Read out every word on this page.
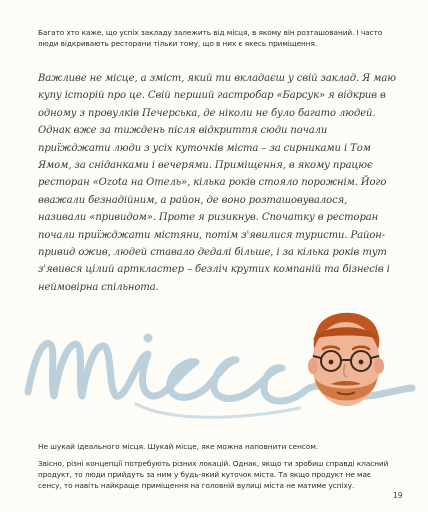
Багато хто каже, що успіх закладу залежить від місця, в якому він розташований. І часто люди відкривають ресторани тільки тому, що в них є якесь приміщення.

Важливе не місце, а зміст, який ти вкладаєш у свій заклад. Я маю купу історій про це. Свій перший гастробар «Барсук» я відкрив в одному з провулків Печерська, де ніколи не було багато людей. Однак вже за тиждень після відкриття сюди почали приїжджати люди з усіх куточків міста – за сирниками і Том Ямом, за сніданками і вечерями. Приміщення, в якому працює ресторан «Ozota на Отель», кілька років стояло порожнім. Його вважали безнадійним, а район, де воно розташовувалося, називали «привидом». Проте я ризикнув. Спочатку в ресторан почали приїжджати містяни, потім з'явилися туристи. Район-привид ожив, людей ставало дедалі більше, і за кілька років тут з'явився цілий артклaстер – безліч крутих компаній та бізнесів і неймовірна спільнота.

Не шукай ідеального місця. Шукай місце, яке можна наповнити сенсом.

Звісно, різні концепції потребують різних локацій. Однак, якщо ти зробиш справді класний продукт, то люди прийдуть за ним у будь-який куточок міста. Та якщо продукт не має сенсу, то навіть найкраще приміщення на головній вулиці міста не матиме успіху.

19
